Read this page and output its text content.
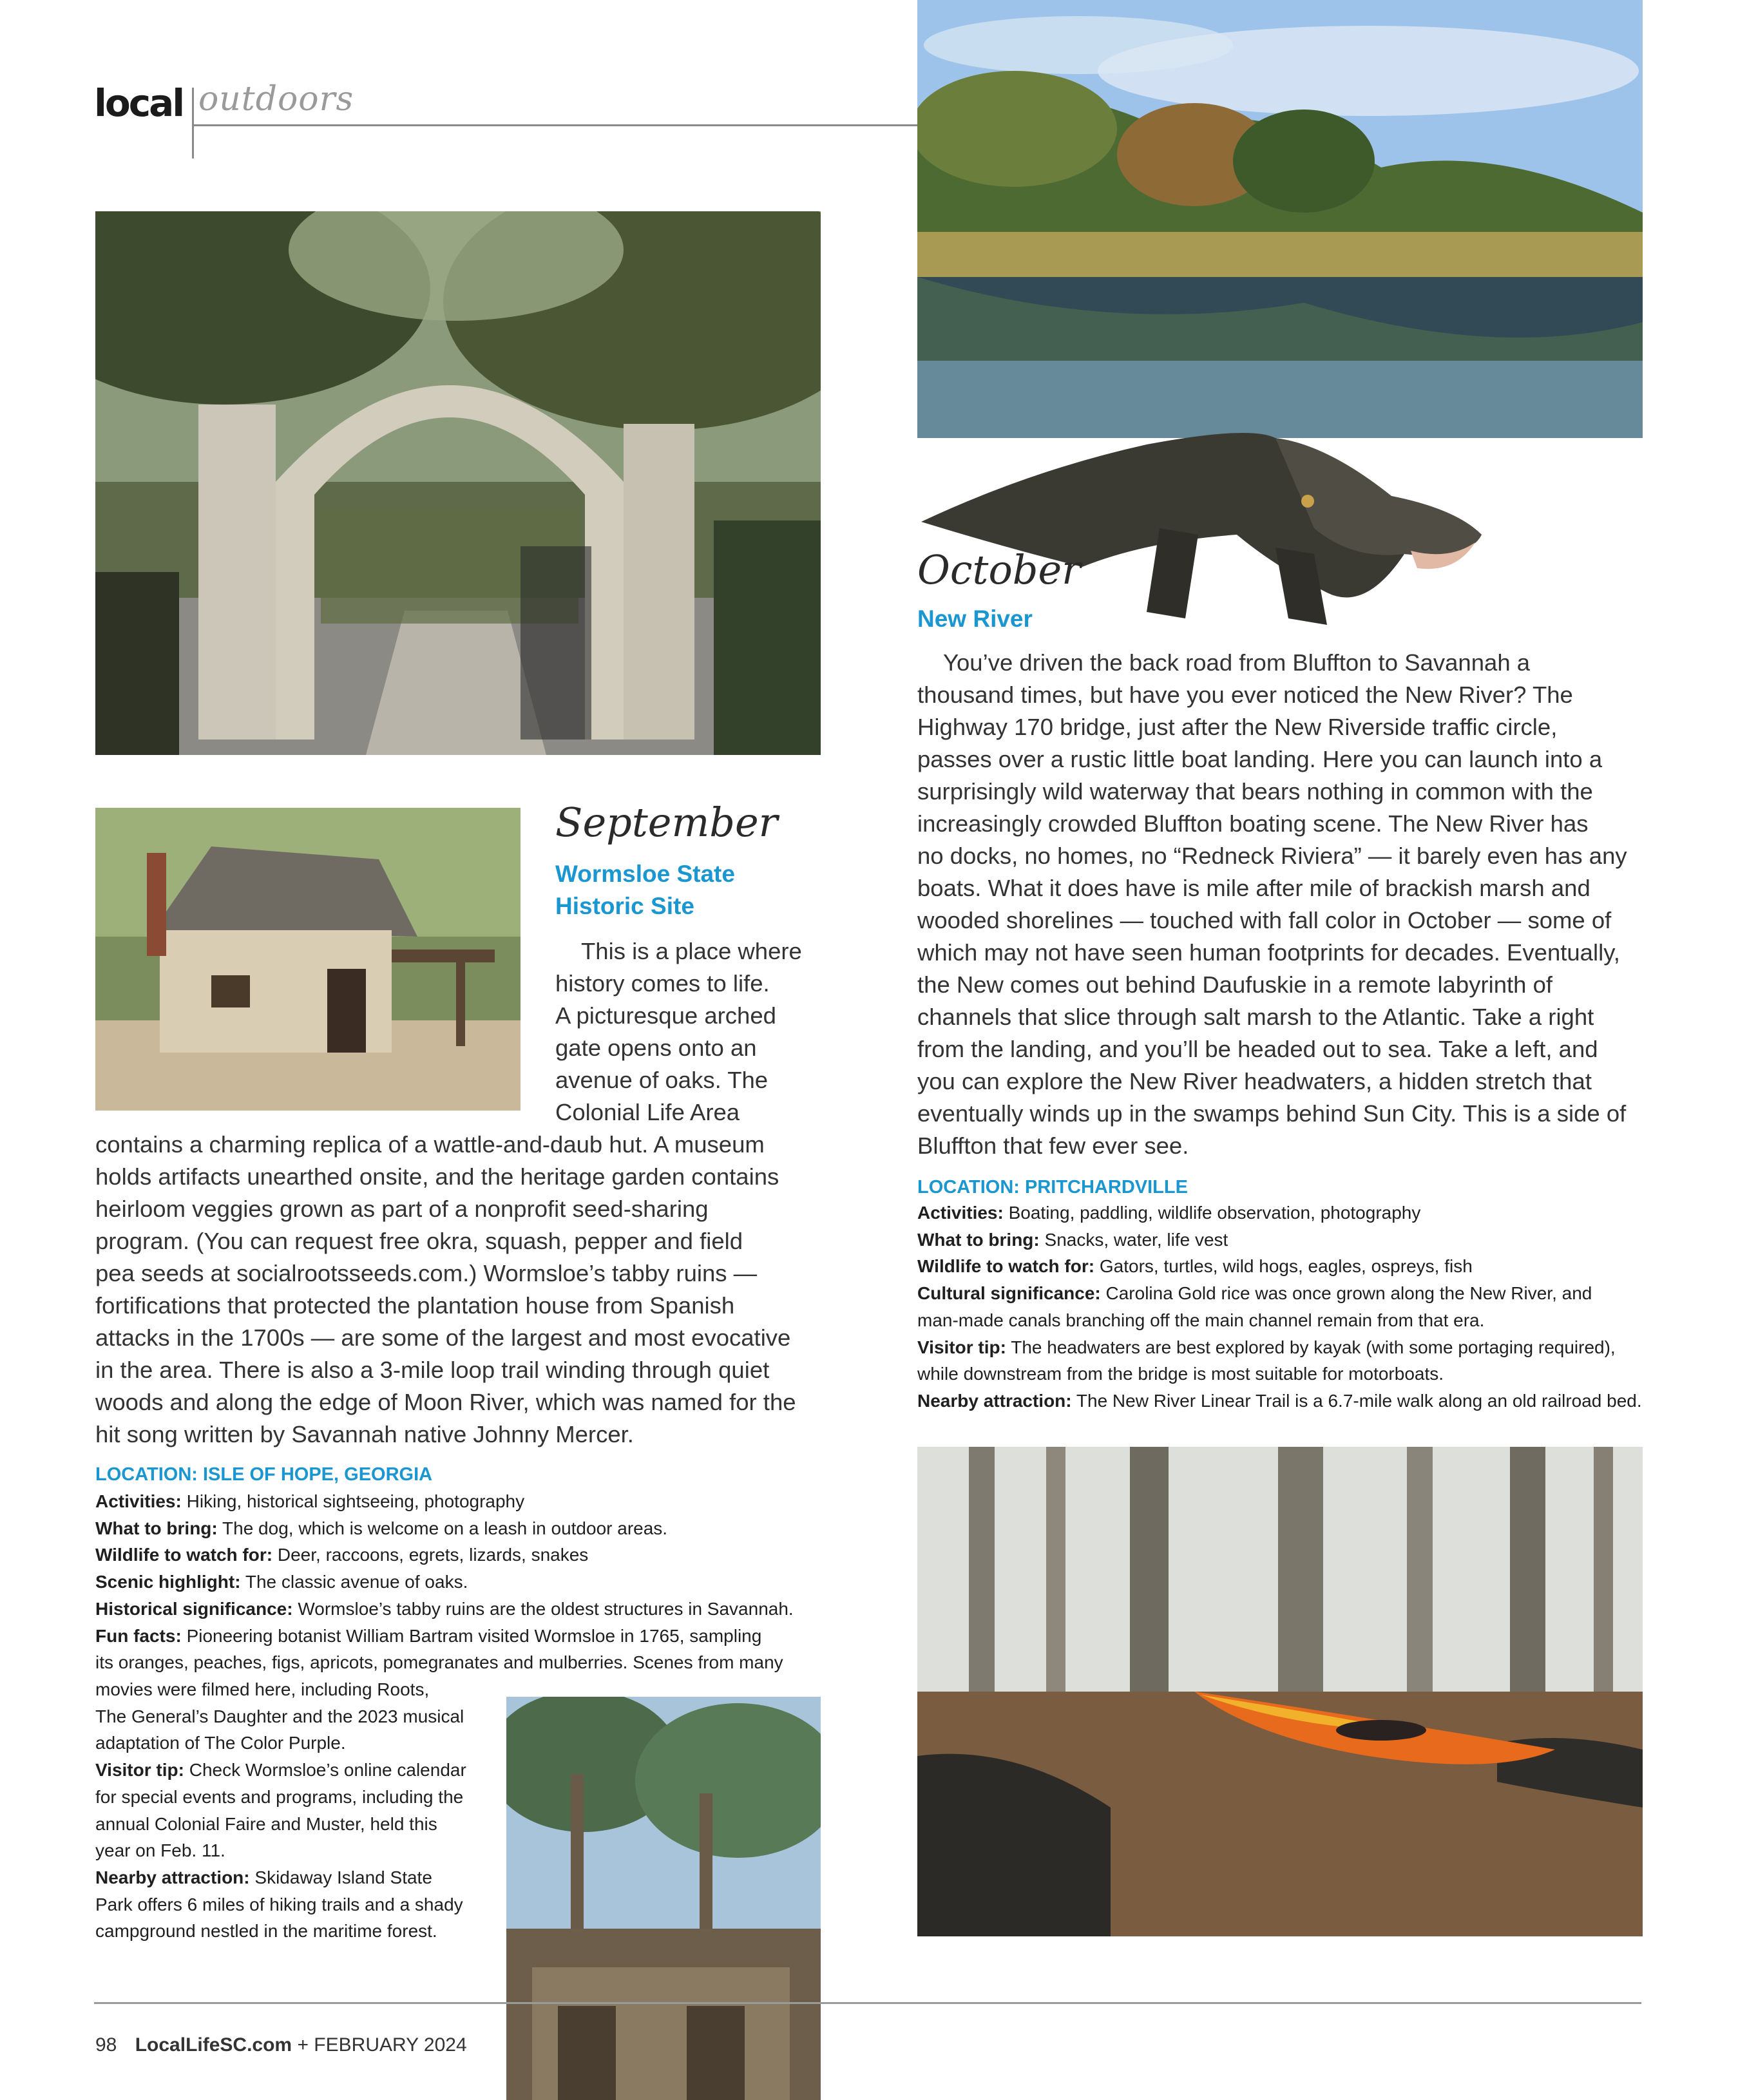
local outdoors
September
Wormsloe State
Historic Site
This is a place where
history comes to life.
A picturesque arched
gate opens onto an
avenue of oaks. The
Colonial Life Area
contains a charming replica of a wattle-and-daub hut. A museum
holds artifacts unearthed onsite, and the heritage garden contains
heirloom veggies grown as part of a nonprofit seed-sharing
program. (You can request free okra, squash, pepper and field
pea seeds at socialrootsseeds.com.) Wormsloe’s tabby ruins —
fortifications that protected the plantation house from Spanish
attacks in the 1700s — are some of the largest and most evocative
in the area. There is also a 3-mile loop trail winding through quiet
woods and along the edge of Moon River, which was named for the
hit song written by Savannah native Johnny Mercer.
LOCATION: ISLE OF HOPE, GEORGIA

Activities: Hiking, historical sightseeing, photography

What to bring: The dog, which is welcome on a leash in outdoor areas.

Wildlife to watch for: Deer, raccoons, egrets, lizards, snakes

Scenic highlight: The classic avenue of oaks.

Historical significance: Wormsloe’s tabby ruins are the oldest structures in Savannah.

Fun facts: Pioneering botanist William Bartram visited Wormsloe in 1765, sampling

its oranges, peaches, figs, apricots, pomegranates and mulberries. Scenes from many

movies were filmed here, including Roots,

The General’s Daughter and the 2023 musical

adaptation of The Color Purple.

Visitor tip: Check Wormsloe’s online calendar

for special events and programs, including the

annual Colonial Faire and Muster, held this

year on Feb. 11.

Nearby attraction: Skidaway Island State

Park offers 6 miles of hiking trails and a shady

campground nestled in the maritime forest.

October
New River
You’ve driven the back road from Bluffton to Savannah a
thousand times, but have you ever noticed the New River? The
Highway 170 bridge, just after the New Riverside traffic circle,
passes over a rustic little boat landing. Here you can launch into a
surprisingly wild waterway that bears nothing in common with the
increasingly crowded Bluffton boating scene. The New River has
no docks, no homes, no “Redneck Riviera” — it barely even has any
boats. What it does have is mile after mile of brackish marsh and
wooded shorelines — touched with fall color in October — some of
which may not have seen human footprints for decades. Eventually,
the New comes out behind Daufuskie in a remote labyrinth of
channels that slice through salt marsh to the Atlantic. Take a right
from the landing, and you’ll be headed out to sea. Take a left, and
you can explore the New River headwaters, a hidden stretch that
eventually winds up in the swamps behind Sun City. This is a side of
Bluffton that few ever see.
LOCATION: PRITCHARDVILLE

Activities: Boating, paddling, wildlife observation, photography

What to bring: Snacks, water, life vest

Wildlife to watch for: Gators, turtles, wild hogs, eagles, ospreys, fish

Cultural significance: Carolina Gold rice was once grown along the New River, and

man-made canals branching off the main channel remain from that era.

Visitor tip: The headwaters are best explored by kayak (with some portaging required),

while downstream from the bridge is most suitable for motorboats.

Nearby attraction: The New River Linear Trail is a 6.7-mile walk along an old railroad bed.

98 LocalLifeSC.com + FEBRUARY 2024
